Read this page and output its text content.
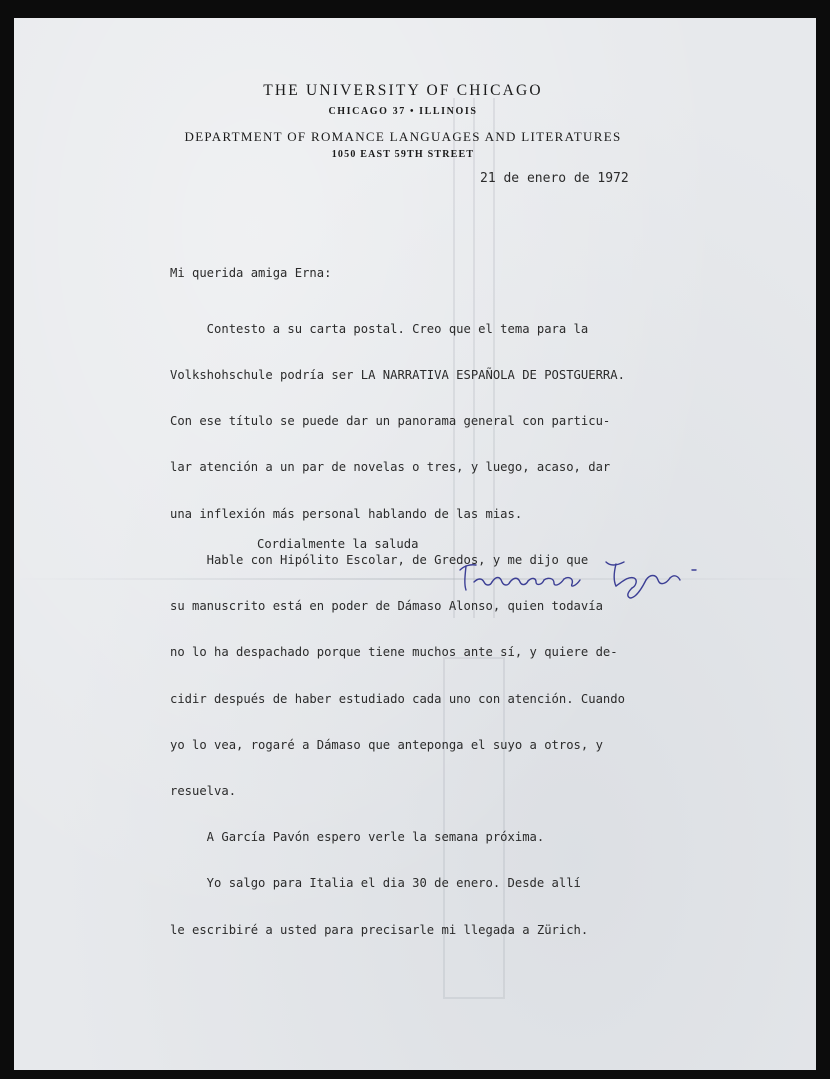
THE UNIVERSITY OF CHICAGO
CHICAGO 37 • ILLINOIS
DEPARTMENT OF ROMANCE LANGUAGES AND LITERATURES
1050 EAST 59TH STREET
21 de enero de 1972
Mi querida amiga Erna:

Contesto a su carta postal. Creo que el tema para la

Volkshohschule podría ser LA NARRATIVA ESPAÑOLA DE POSTGUERRA.

Con ese título se puede dar un panorama general con particu-

lar atención a un par de novelas o tres, y luego, acaso, dar

una inflexión más personal hablando de las mias.

Hable con Hipólito Escolar, de Gredos, y me dijo que

su manuscrito está en poder de Dámaso Alonso, quien todavía

no lo ha despachado porque tiene muchos ante sí, y quiere de-

cidir después de haber estudiado cada uno con atención. Cuando

yo lo vea, rogaré a Dámaso que anteponga el suyo a otros, y

resuelva.

A García Pavón espero verle la semana próxima.

Yo salgo para Italia el dia 30 de enero. Desde allí

le escribiré a usted para precisarle mi llegada a Zürich.

Cordialmente la saluda
